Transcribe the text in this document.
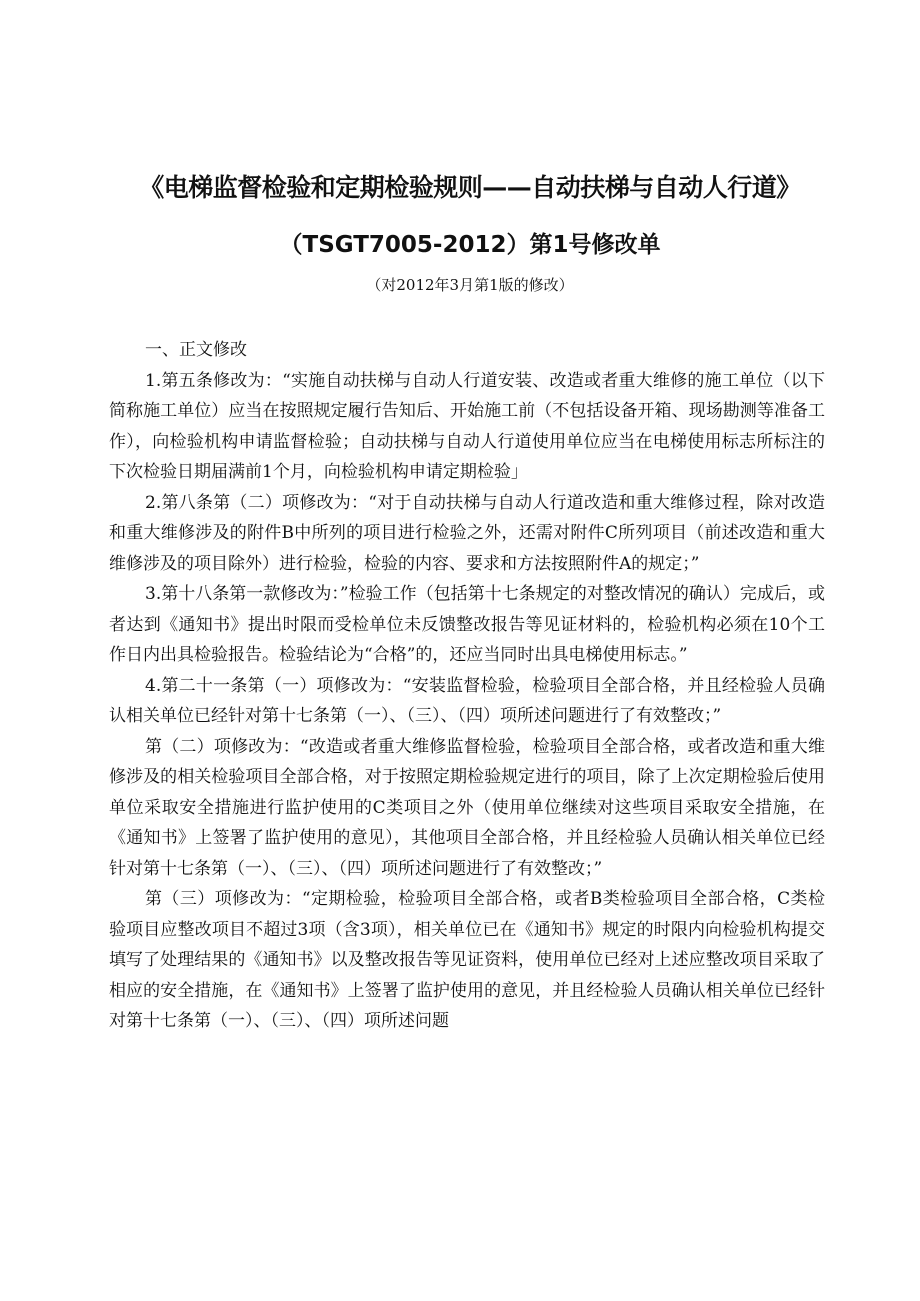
《电梯监督检验和定期检验规则——自动扶梯与自动人行道》
（TSGT7005-2012）第1号修改单
（对2012年3月第1版的修改）

一、正文修改

1.第五条修改为：“实施自动扶梯与自动人行道安装、改造或者重大维修的施工单位（以下简称施工单位）应当在按照规定履行告知后、开始施工前（不包括设备开箱、现场勘测等准备工作），向检验机构申请监督检验；自动扶梯与自动人行道使用单位应当在电梯使用标志所标注的下次检验日期届满前1个月，向检验机构申请定期检验」

2.第八条第（二）项修改为：“对于自动扶梯与自动人行道改造和重大维修过程，除对改造和重大维修涉及的附件B中所列的项目进行检验之外，还需对附件C所列项目（前述改造和重大维修涉及的项目除外）进行检验，检验的内容、要求和方法按照附件A的规定；”

3.第十八条第一款修改为：”检验工作（包括第十七条规定的对整改情况的确认）完成后，或者达到《通知书》提出时限而受检单位未反馈整改报告等见证材料的，检验机构必须在10个工作日内出具检验报告。检验结论为“合格”的，还应当同时出具电梯使用标志。”

4.第二十一条第（一）项修改为：“安装监督检验，检验项目全部合格，并且经检验人员确认相关单位已经针对第十七条第（一）、（三）、（四）项所述问题进行了有效整改；”

第（二）项修改为：“改造或者重大维修监督检验，检验项目全部合格，或者改造和重大维修涉及的相关检验项目全部合格，对于按照定期检验规定进行的项目，除了上次定期检验后使用单位采取安全措施进行监护使用的C类项目之外（使用单位继续对这些项目采取安全措施，在《通知书》上签署了监护使用的意见），其他项目全部合格，并且经检验人员确认相关单位已经针对第十七条第（一）、（三）、（四）项所述问题进行了有效整改；”

第（三）项修改为：“定期检验，检验项目全部合格，或者B类检验项目全部合格，C类检验项目应整改项目不超过3项（含3项），相关单位已在《通知书》规定的时限内向检验机构提交填写了处理结果的《通知书》以及整改报告等见证资料，使用单位已经对上述应整改项目采取了相应的安全措施，在《通知书》上签署了监护使用的意见，并且经检验人员确认相关单位已经针对第十七条第（一）、（三）、（四）项所述问题
